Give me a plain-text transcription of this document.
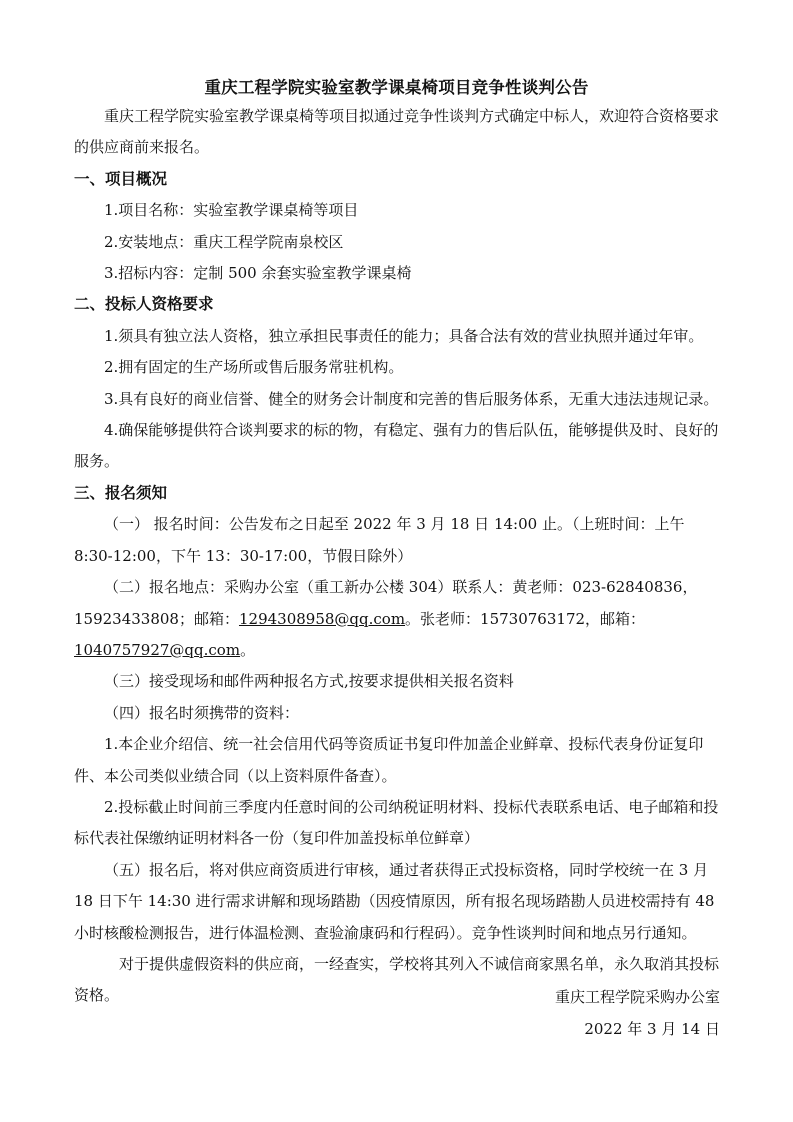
重庆工程学院实验室教学课桌椅项目竞争性谈判公告

重庆工程学院实验室教学课桌椅等项目拟通过竞争性谈判方式确定中标人，欢迎符合资格要求的供应商前来报名。

一、项目概况

1.项目名称：实验室教学课桌椅等项目

2.安装地点：重庆工程学院南泉校区

3.招标内容：定制 500 余套实验室教学课桌椅

二、投标人资格要求

1.须具有独立法人资格，独立承担民事责任的能力；具备合法有效的营业执照并通过年审。

2.拥有固定的生产场所或售后服务常驻机构。

3.具有良好的商业信誉、健全的财务会计制度和完善的售后服务体系，无重大违法违规记录。

4.确保能够提供符合谈判要求的标的物，有稳定、强有力的售后队伍，能够提供及时、良好的服务。

三、报名须知

（一） 报名时间：公告发布之日起至 2022 年 3 月 18 日 14:00 止。（上班时间：上午 8:30-12:00，下午 13：30-17:00，节假日除外）

（二）报名地点：采购办公室（重工新办公楼 304）联系人：黄老师：023-62840836，15923433808；邮箱：1294308958@qq.com。张老师：15730763172，邮箱：1040757927@qq.com。

（三）接受现场和邮件两种报名方式,按要求提供相关报名资料

（四）报名时须携带的资料：

1.本企业介绍信、统一社会信用代码等资质证书复印件加盖企业鲜章、投标代表身份证复印件、本公司类似业绩合同（以上资料原件备查）。

2.投标截止时间前三季度内任意时间的公司纳税证明材料、投标代表联系电话、电子邮箱和投标代表社保缴纳证明材料各一份（复印件加盖投标单位鲜章）

（五）报名后，将对供应商资质进行审核，通过者获得正式投标资格，同时学校统一在 3 月 18 日下午 14:30 进行需求讲解和现场踏勘（因疫情原因，所有报名现场踏勘人员进校需持有 48 小时核酸检测报告，进行体温检测、查验渝康码和行程码）。竞争性谈判时间和地点另行通知。

对于提供虚假资料的供应商，一经查实，学校将其列入不诚信商家黑名单，永久取消其投标资格。	重庆工程学院采购办公室
2022 年 3 月 14 日
